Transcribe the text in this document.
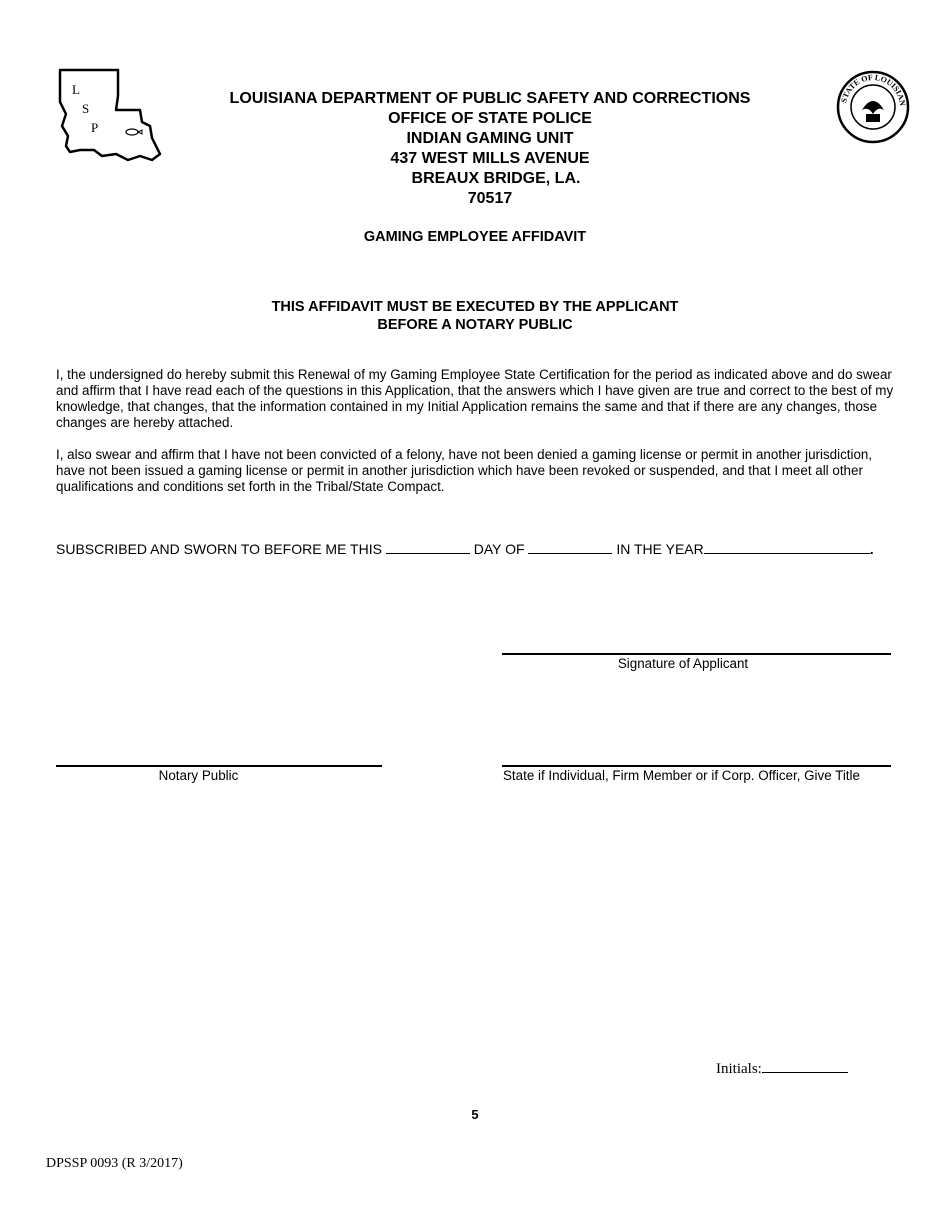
L
S
P
STATE OF LOUISIAN
LOUISIANA DEPARTMENT OF PUBLIC SAFETY AND CORRECTIONS
OFFICE OF STATE POLICE
INDIAN GAMING UNIT
437 WEST MILLS AVENUE
BREAUX BRIDGE, LA.
70517
GAMING EMPLOYEE AFFIDAVIT
THIS AFFIDAVIT MUST BE EXECUTED BY THE APPLICANT
BEFORE A NOTARY PUBLIC
I, the undersigned do hereby submit this Renewal of my Gaming Employee State Certification for the period as indicated above and do swear and affirm that I have read each of the questions in this Application, that the answers which I have given are true and correct to the best of my knowledge, that changes, that the information contained in my Initial Application remains the same and that if there are any changes, those changes are hereby attached.
I, also swear and affirm that I have not been convicted of a felony, have not been denied a gaming license or permit in another jurisdiction, have not been issued a gaming license or permit in another jurisdiction which have been revoked or suspended, and that I meet all other qualifications and conditions set forth in the Tribal/State Compact.
SUBSCRIBED AND SWORN TO BEFORE ME THIS	DAY OF	IN THE YEAR	.
Signature of Applicant
Notary Public	State if Individual, Firm Member or if Corp. Officer, Give Title
Initials:
5
DPSSP 0093 (R 3/2017)
